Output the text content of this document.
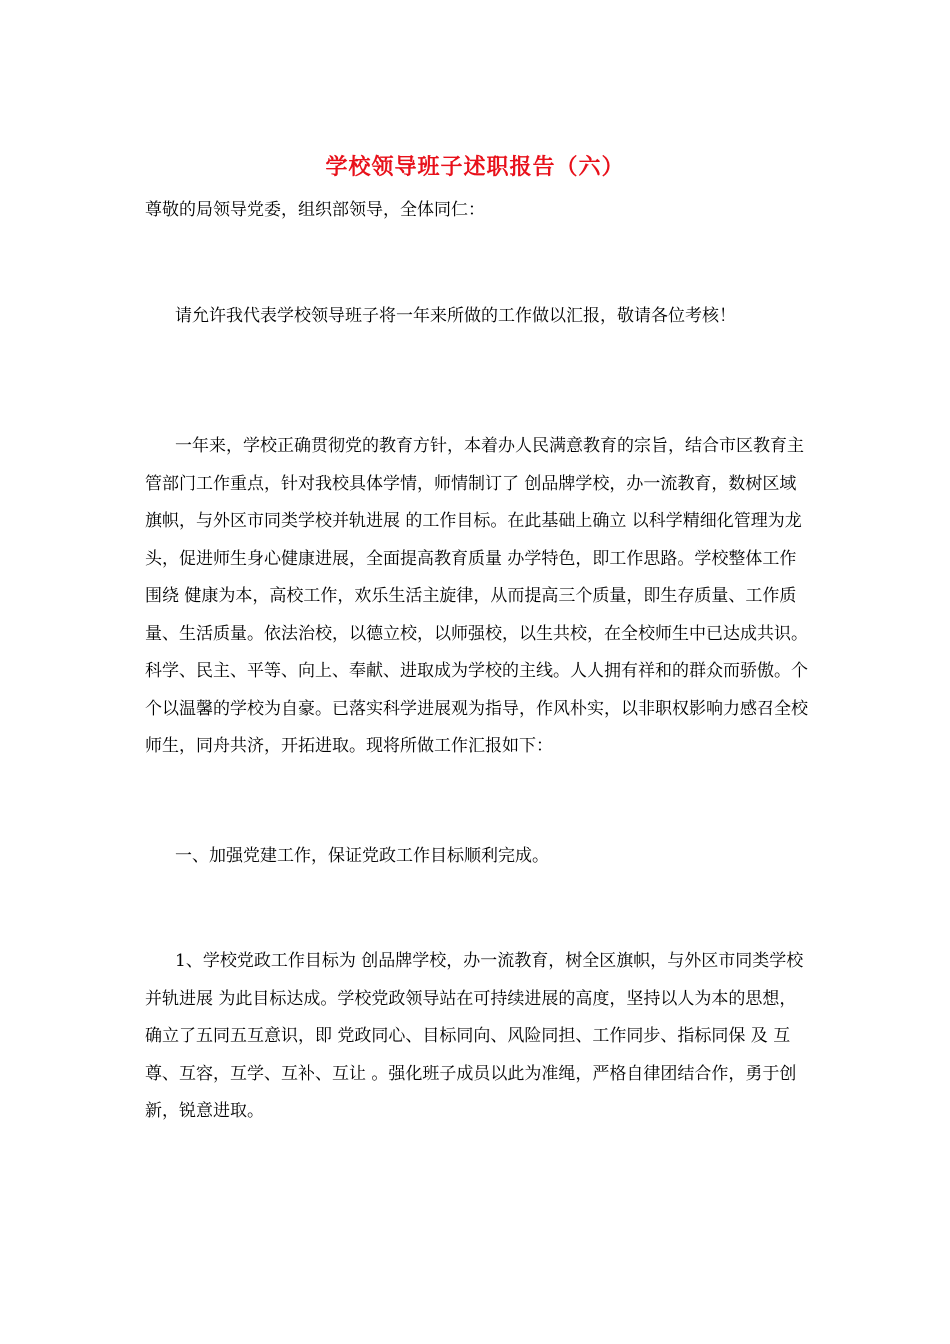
学校领导班子述职报告（六）
尊敬的局领导党委，组织部领导，全体同仁：

请允许我代表学校领导班子将一年来所做的工作做以汇报，敬请各位考核！

一年来，学校正确贯彻党的教育方针，本着办人民满意教育的宗旨，结合市区教育主管部门工作重点，针对我校具体学情，师情制订了 创品牌学校，办一流教育，数树区域旗帜，与外区市同类学校并轨进展 的工作目标。在此基础上确立 以科学精细化管理为龙头，促进师生身心健康进展，全面提高教育质量 办学特色，即工作思路。学校整体工作围绕 健康为本，高校工作，欢乐生活主旋律，从而提高三个质量，即生存质量、工作质量、生活质量。依法治校，以德立校，以师强校，以生共校，在全校师生中已达成共识。科学、民主、平等、向上、奉献、进取成为学校的主线。人人拥有祥和的群众而骄傲。个个以温馨的学校为自豪。已落实科学进展观为指导，作风朴实，以非职权影响力感召全校师生，同舟共济，开拓进取。现将所做工作汇报如下：

一、加强党建工作，保证党政工作目标顺利完成。

1、学校党政工作目标为 创品牌学校，办一流教育，树全区旗帜，与外区市同类学校并轨进展 为此目标达成。学校党政领导站在可持续进展的高度，坚持以人为本的思想，确立了五同五互意识，即 党政同心、目标同向、风险同担、工作同步、指标同保 及 互尊、互容，互学、互补、互让 。强化班子成员以此为准绳，严格自律团结合作，勇于创新，锐意进取。
